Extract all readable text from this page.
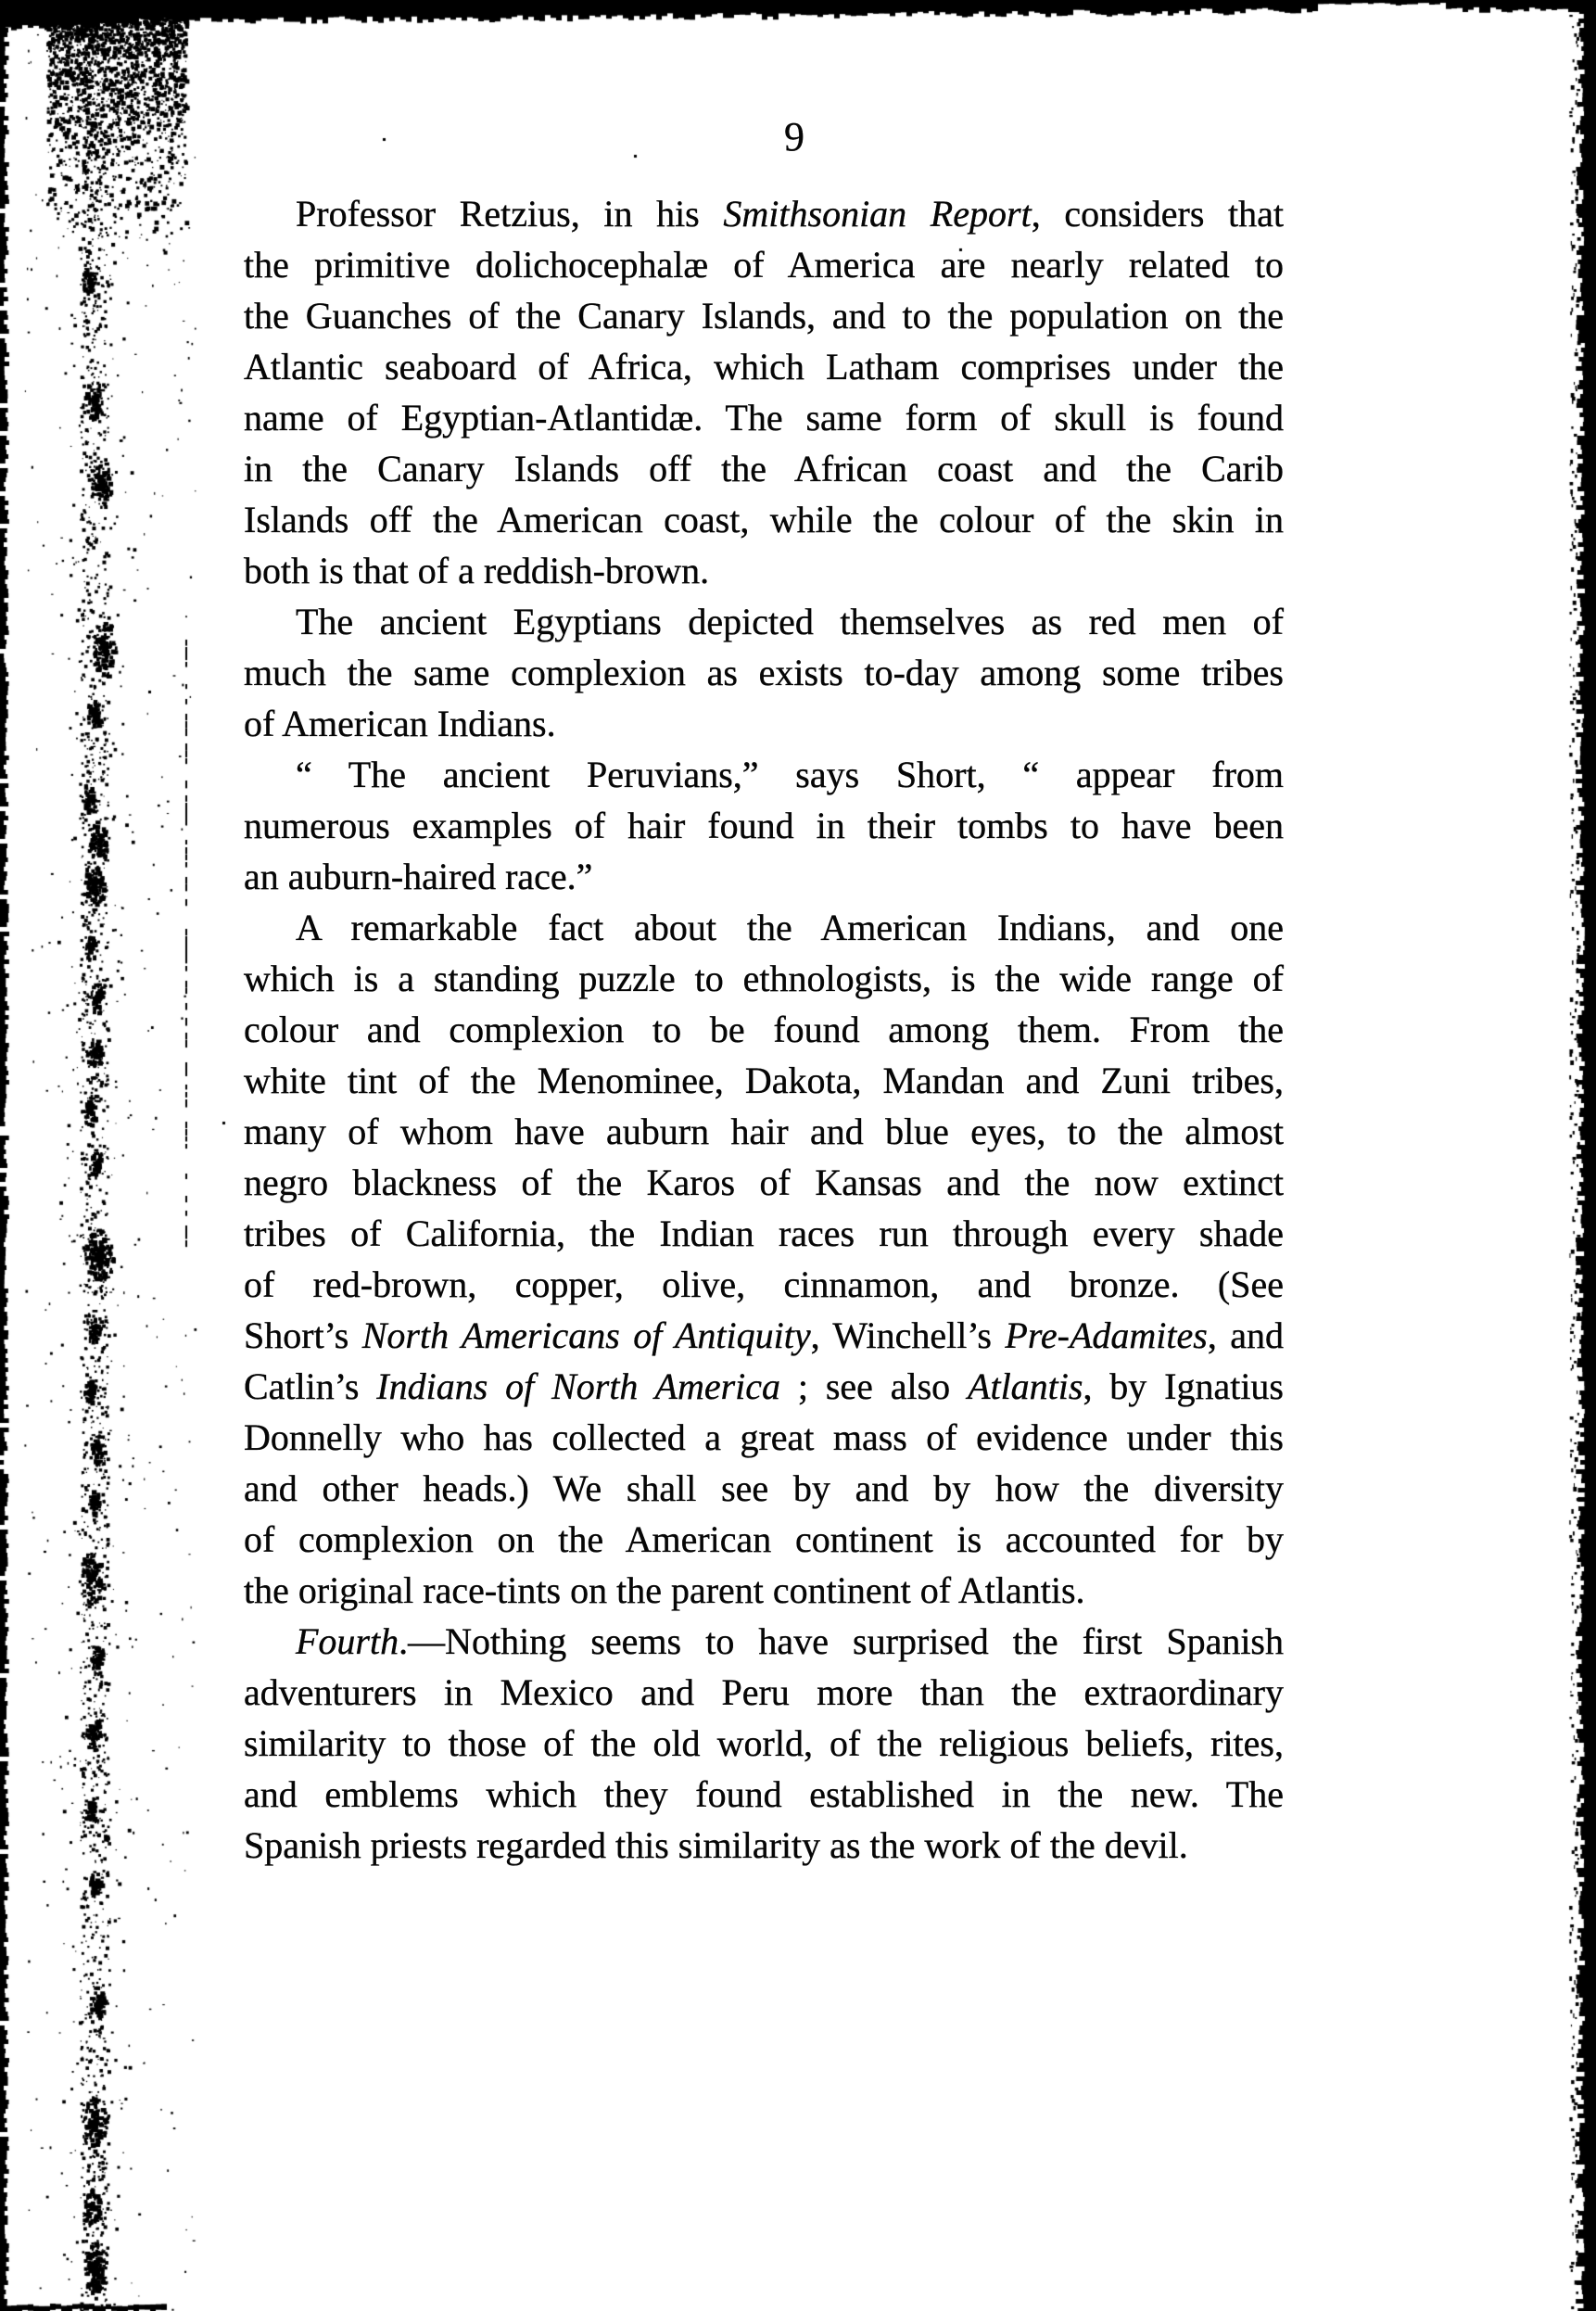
9
Professor Retzius, in his Smithsonian Report, considers that
the primitive dolichocephalæ of America are nearly related to
the Guanches of the Canary Islands, and to the population on the
Atlantic seaboard of Africa, which Latham comprises under the
name of Egyptian-Atlantidæ. The same form of skull is found
in the Canary Islands off the African coast and the Carib
Islands off the American coast, while the colour of the skin in
both is that of a reddish-brown.
The ancient Egyptians depicted themselves as red men of
much the same complexion as exists to-day among some tribes
of American Indians.
“ The ancient Peruvians,” says Short, “ appear from
numerous examples of hair found in their tombs to have been
an auburn-haired race.”
A remarkable fact about the American Indians, and one
which is a standing puzzle to ethnologists, is the wide range of
colour and complexion to be found among them. From the
white tint of the Menominee, Dakota, Mandan and Zuni tribes,
many of whom have auburn hair and blue eyes, to the almost
negro blackness of the Karos of Kansas and the now extinct
tribes of California, the Indian races run through every shade
of red-brown, copper, olive, cinnamon, and bronze. (See
Short’s North Americans of Antiquity, Winchell’s Pre-Adamites, and
Catlin’s Indians of North America ; see also Atlantis, by Ignatius
Donnelly who has collected a great mass of evidence under this
and other heads.) We shall see by and by how the diversity
of complexion on the American continent is accounted for by
the original race-tints on the parent continent of Atlantis.
Fourth.—Nothing seems to have surprised the first Spanish
adventurers in Mexico and Peru more than the extraordinary
similarity to those of the old world, of the religious beliefs, rites,
and emblems which they found established in the new. The
Spanish priests regarded this similarity as the work of the devil.
